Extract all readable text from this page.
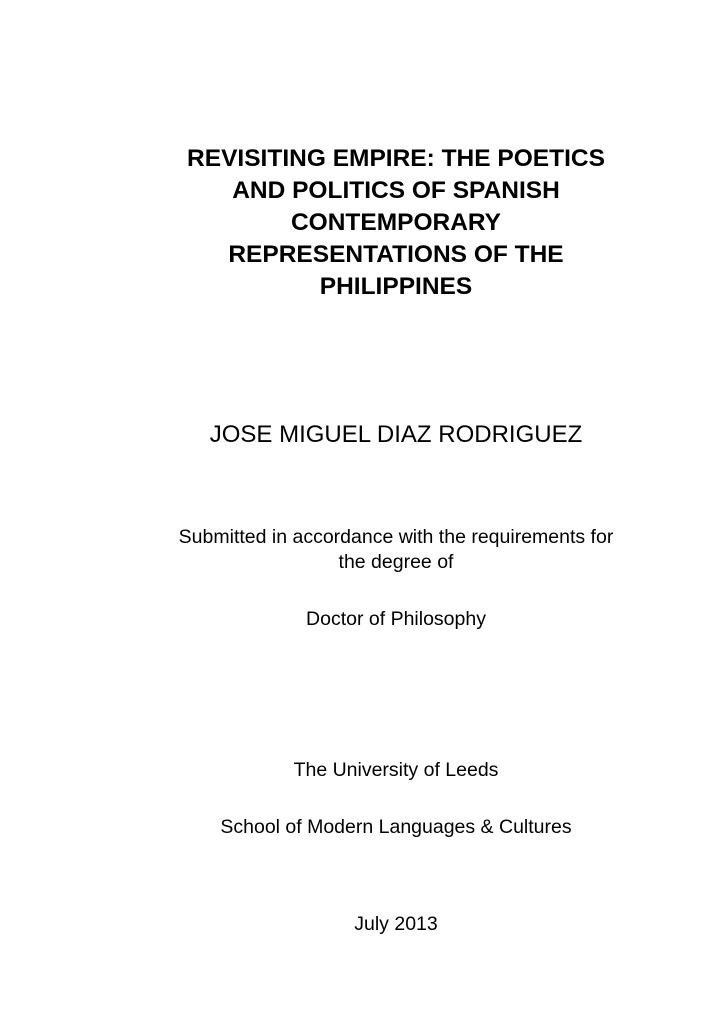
REVISITING EMPIRE: THE POETICS
AND POLITICS OF SPANISH
CONTEMPORARY
REPRESENTATIONS OF THE
PHILIPPINES
JOSE MIGUEL DIAZ RODRIGUEZ
Submitted in accordance with the requirements for
the degree of
Doctor of Philosophy
The University of Leeds
School of Modern Languages & Cultures
July 2013
